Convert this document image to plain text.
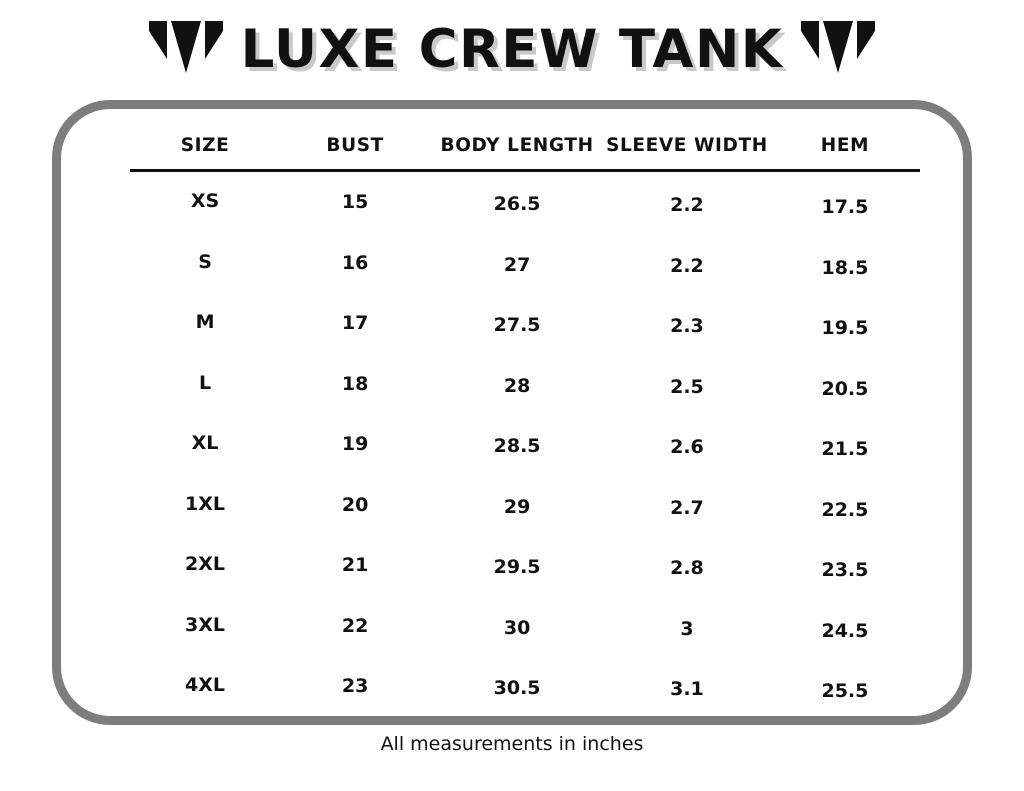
LUXE CREW TANK
SIZE	BUST	BODY LENGTH	SLEEVE WIDTH	HEM
XS	15	26.5	2.2	17.5
S	16	27	2.2	18.5
M	17	27.5	2.3	19.5
L	18	28	2.5	20.5
XL	19	28.5	2.6	21.5
1XL	20	29	2.7	22.5
2XL	21	29.5	2.8	23.5
3XL	22	30	3	24.5
4XL	23	30.5	3.1	25.5
All measurements in inches
